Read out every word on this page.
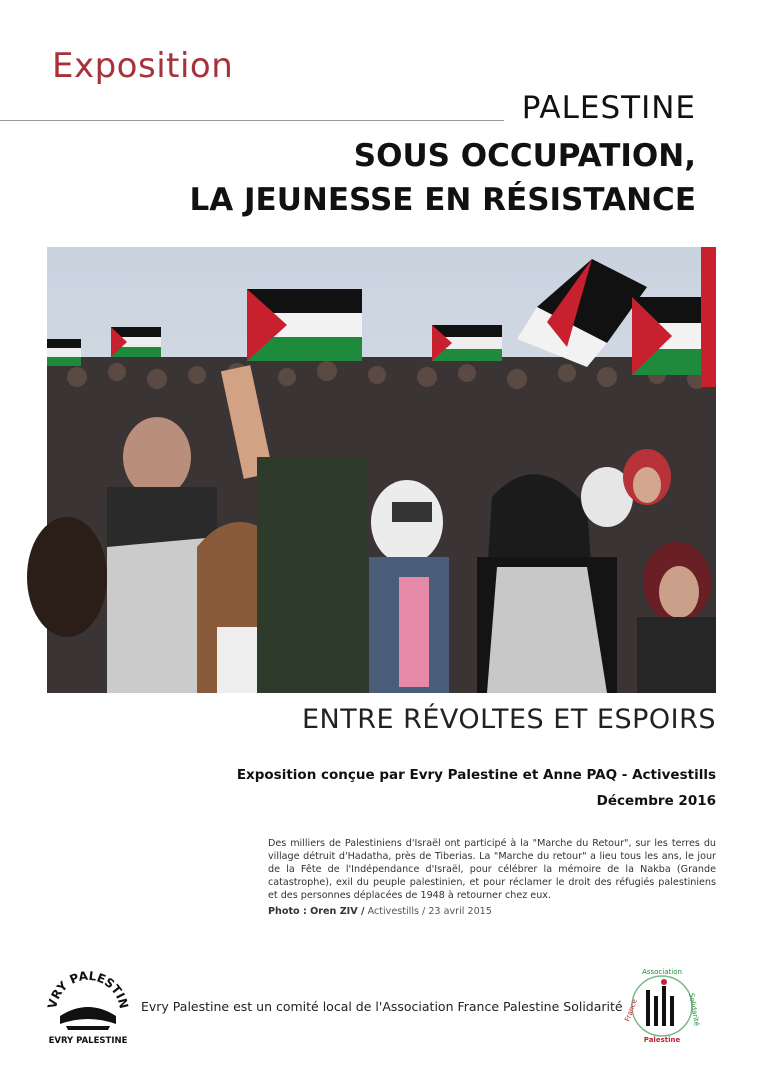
Exposition
PALESTINE
SOUS OCCUPATION,
LA JEUNESSE EN RÉSISTANCE
ENTRE RÉVOLTES ET ESPOIRS
Exposition conçue par Evry Palestine et Anne PAQ - Activestills
Décembre 2016
Des milliers de Palestiniens d'Israël ont participé à la "Marche du Retour", sur les terres du village détruit d'Hadatha, près de Tiberias. La "Marche du retour" a lieu tous les ans, le jour de la Fête de l'Indépendance d'Israël, pour célébrer la mémoire de la Nakba (Grande catastrophe), exil du peuple palestinien, et pour réclamer le droit des réfugiés palestiniens et des personnes déplacées de 1948 à retourner chez eux.
Photo : Oren ZIV / Activestills / 23 avril 2015
VRY PALESTIN
EVRY PALESTINE
Evry Palestine est un comité local de l'Association France Palestine Solidarité
Association
France
Palestine
Solidarité
